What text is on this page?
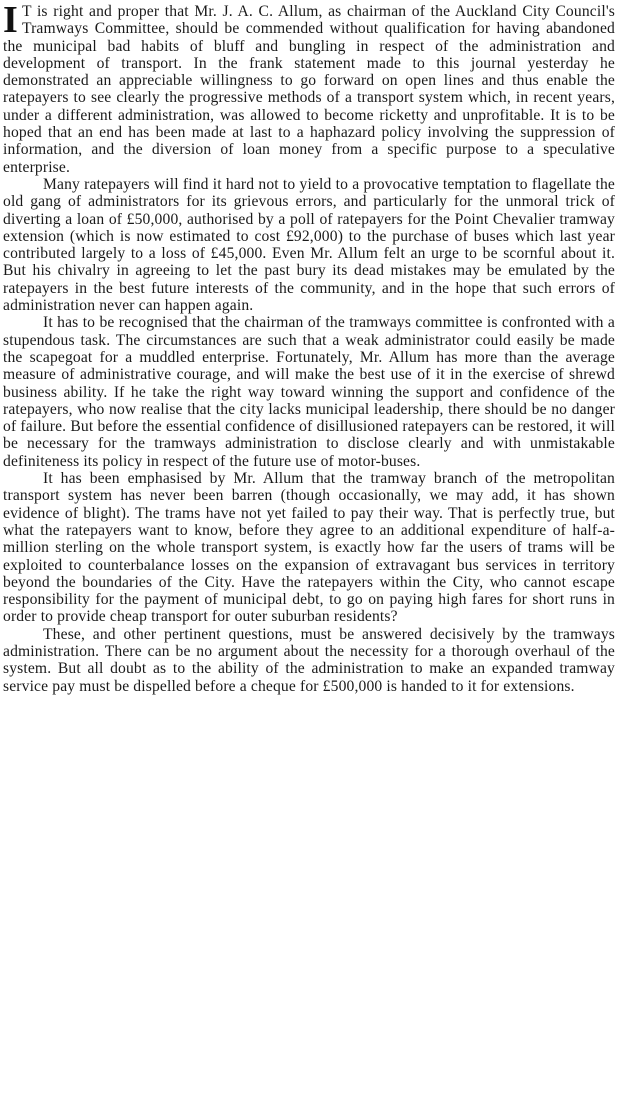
I T is right and proper that Mr. J. A. C. Allum, as chairman of the Auckland City Council's Tramways Committee, should be commended without qualification for having abandoned the municipal bad habits of bluff and bungling in respect of the administration and development of transport. In the frank statement made to this journal yesterday he demonstrated an appreciable willingness to go forward on open lines and thus enable the ratepayers to see clearly the progressive methods of a transport system which, in recent years, under a different administration, was allowed to become ricketty and unprofitable. It is to be hoped that an end has been made at last to a haphazard policy involving the suppression of information, and the diversion of loan money from a specific purpose to a speculative enterprise.

Many ratepayers will find it hard not to yield to a provocative temptation to flagellate the old gang of administrators for its grievous errors, and particularly for the unmoral trick of diverting a loan of £50,000, authorised by a poll of ratepayers for the Point Chevalier tramway extension (which is now estimated to cost £92,000) to the purchase of buses which last year contributed largely to a loss of £45,000. Even Mr. Allum felt an urge to be scornful about it. But his chivalry in agreeing to let the past bury its dead mistakes may be emulated by the ratepayers in the best future interests of the community, and in the hope that such errors of administration never can happen again.

It has to be recognised that the chairman of the tramways committee is confronted with a stupendous task. The circumstances are such that a weak administrator could easily be made the scapegoat for a muddled enterprise. Fortunately, Mr. Allum has more than the average measure of administrative courage, and will make the best use of it in the exercise of shrewd business ability. If he take the right way toward winning the support and confidence of the ratepayers, who now realise that the city lacks municipal leadership, there should be no danger of failure. But before the essential confidence of disillusioned ratepayers can be restored, it will be necessary for the tramways administration to disclose clearly and with unmistakable definiteness its policy in respect of the future use of motor-buses.

It has been emphasised by Mr. Allum that the tramway branch of the metropolitan transport system has never been barren (though occasionally, we may add, it has shown evidence of blight). The trams have not yet failed to pay their way. That is perfectly true, but what the ratepayers want to know, before they agree to an additional expenditure of half-a-million sterling on the whole transport system, is exactly how far the users of trams will be exploited to counterbalance losses on the expansion of extravagant bus services in territory beyond the boundaries of the City. Have the ratepayers within the City, who cannot escape responsibility for the payment of municipal debt, to go on paying high fares for short runs in order to provide cheap transport for outer suburban residents?

These, and other pertinent questions, must be answered decisively by the tramways administration. There can be no argument about the necessity for a thorough overhaul of the system. But all doubt as to the ability of the administration to make an expanded tramway service pay must be dispelled before a cheque for £500,000 is handed to it for extensions.
